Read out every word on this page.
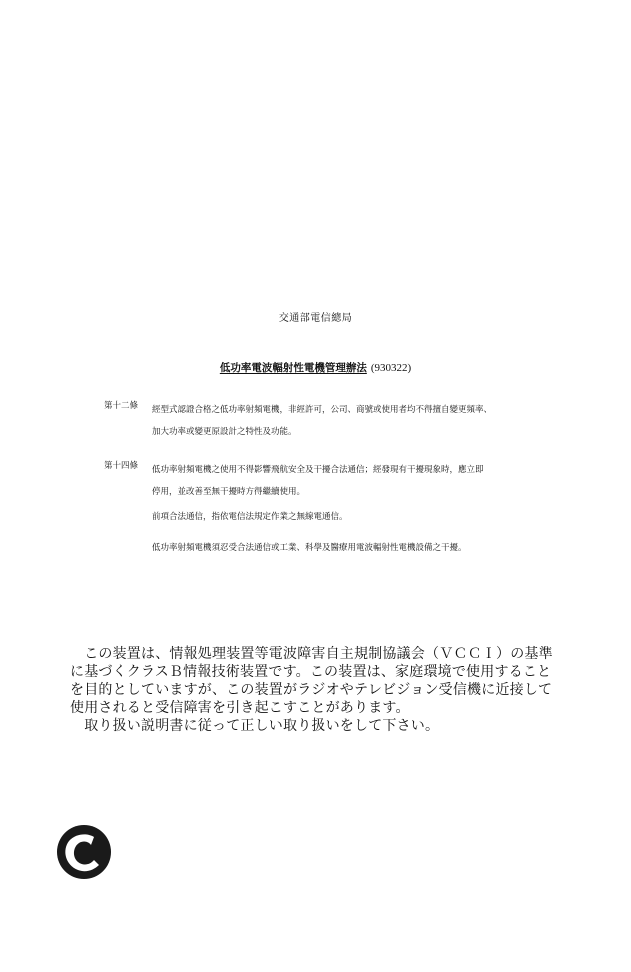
交通部電信總局
低功率電波輻射性電機管理辦法 (930322)
第十二條 經型式認證合格之低功率射頻電機，非經許可，公司、商號或使用者均不得擅自變更頻率、

加大功率或變更原設計之特性及功能。

第十四條 低功率射頻電機之使用不得影響飛航安全及干擾合法通信；經發現有干擾現象時，應立即

停用，並改善至無干擾時方得繼續使用。

前項合法通信，指依電信法規定作業之無線電通信。
低功率射頻電機須忍受合法通信或工業、科學及醫療用電波輻射性電機設備之干擾。

　この装置は、情報処理装置等電波障害自主規制協議会（ＶＣＣＩ）の基準

に基づくクラスＢ情報技術装置です。この装置は、家庭環境で使用すること

を目的としていますが、この装置がラジオやテレビジョン受信機に近接して

使用されると受信障害を引き起こすことがあります。

　取り扱い説明書に従って正しい取り扱いをして下さい。
